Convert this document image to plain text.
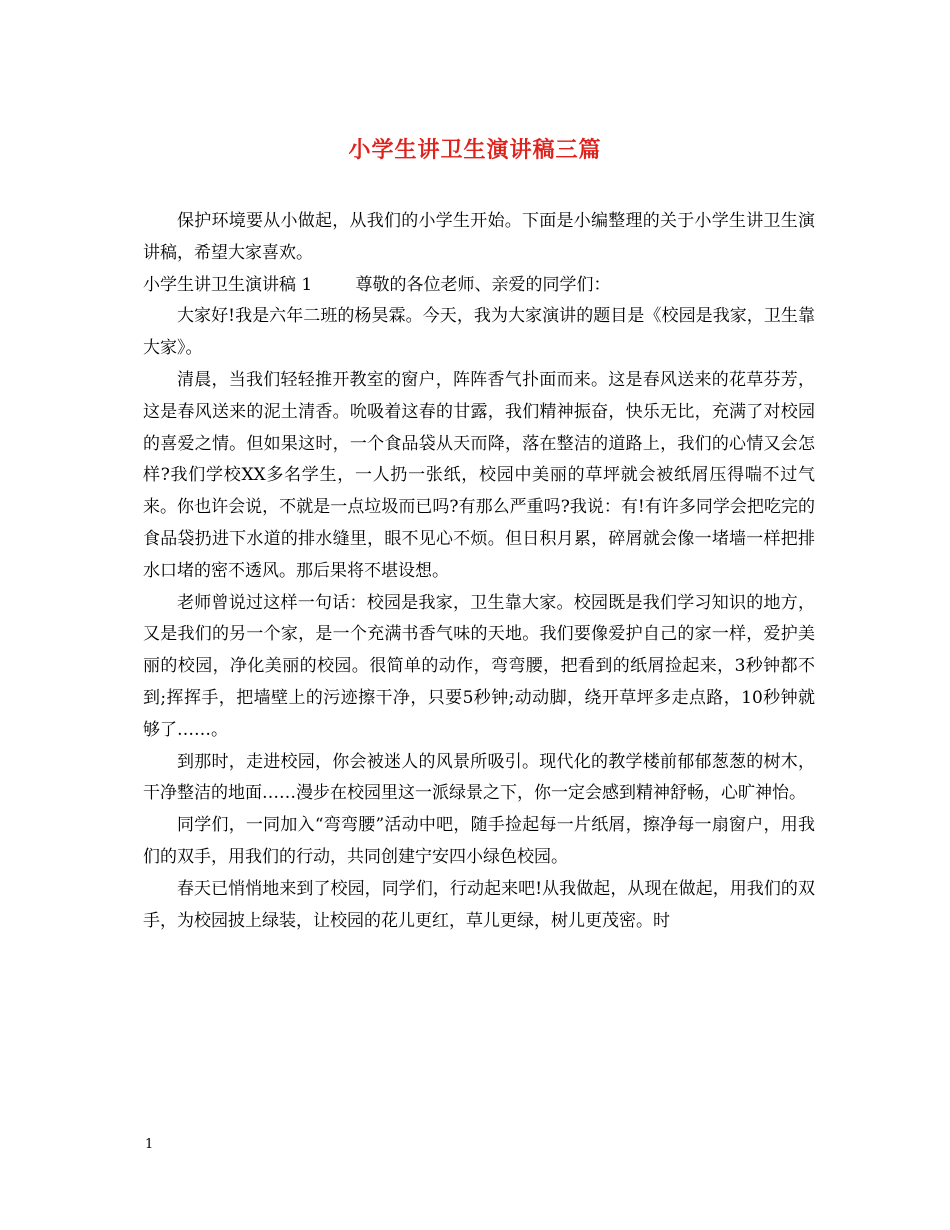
小学生讲卫生演讲稿三篇

保护环境要从小做起，从我们的小学生开始。下面是小编整理的关于小学生讲卫生演讲稿，希望大家喜欢。

小学生讲卫生演讲稿 1        尊敬的各位老师、亲爱的同学们：

大家好!我是六年二班的杨昊霖。今天，我为大家演讲的题目是《校园是我家，卫生靠大家》。

清晨，当我们轻轻推开教室的窗户，阵阵香气扑面而来。这是春风送来的花草芬芳，这是春风送来的泥土清香。吮吸着这春的甘露，我们精神振奋，快乐无比，充满了对校园的喜爱之情。但如果这时，一个食品袋从天而降，落在整洁的道路上，我们的心情又会怎样?我们学校XX多名学生，一人扔一张纸，校园中美丽的草坪就会被纸屑压得喘不过气来。你也许会说，不就是一点垃圾而已吗?有那么严重吗?我说：有!有许多同学会把吃完的食品袋扔进下水道的排水缝里，眼不见心不烦。但日积月累，碎屑就会像一堵墙一样把排水口堵的密不透风。那后果将不堪设想。

老师曾说过这样一句话：校园是我家，卫生靠大家。校园既是我们学习知识的地方，又是我们的另一个家，是一个充满书香气味的天地。我们要像爱护自己的家一样，爱护美丽的校园，净化美丽的校园。很简单的动作，弯弯腰，把看到的纸屑捡起来，3秒钟都不到;挥挥手，把墙壁上的污迹擦干净，只要5秒钟;动动脚，绕开草坪多走点路，10秒钟就够了……。

到那时，走进校园，你会被迷人的风景所吸引。现代化的教学楼前郁郁葱葱的树木，干净整洁的地面……漫步在校园里这一派绿景之下，你一定会感到精神舒畅，心旷神怡。

同学们，一同加入“弯弯腰”活动中吧，随手捡起每一片纸屑，擦净每一扇窗户，用我们的双手，用我们的行动，共同创建宁安四小绿色校园。

春天已悄悄地来到了校园，同学们，行动起来吧!从我做起，从现在做起，用我们的双手，为校园披上绿装，让校园的花儿更红，草儿更绿，树儿更茂密。时

1
